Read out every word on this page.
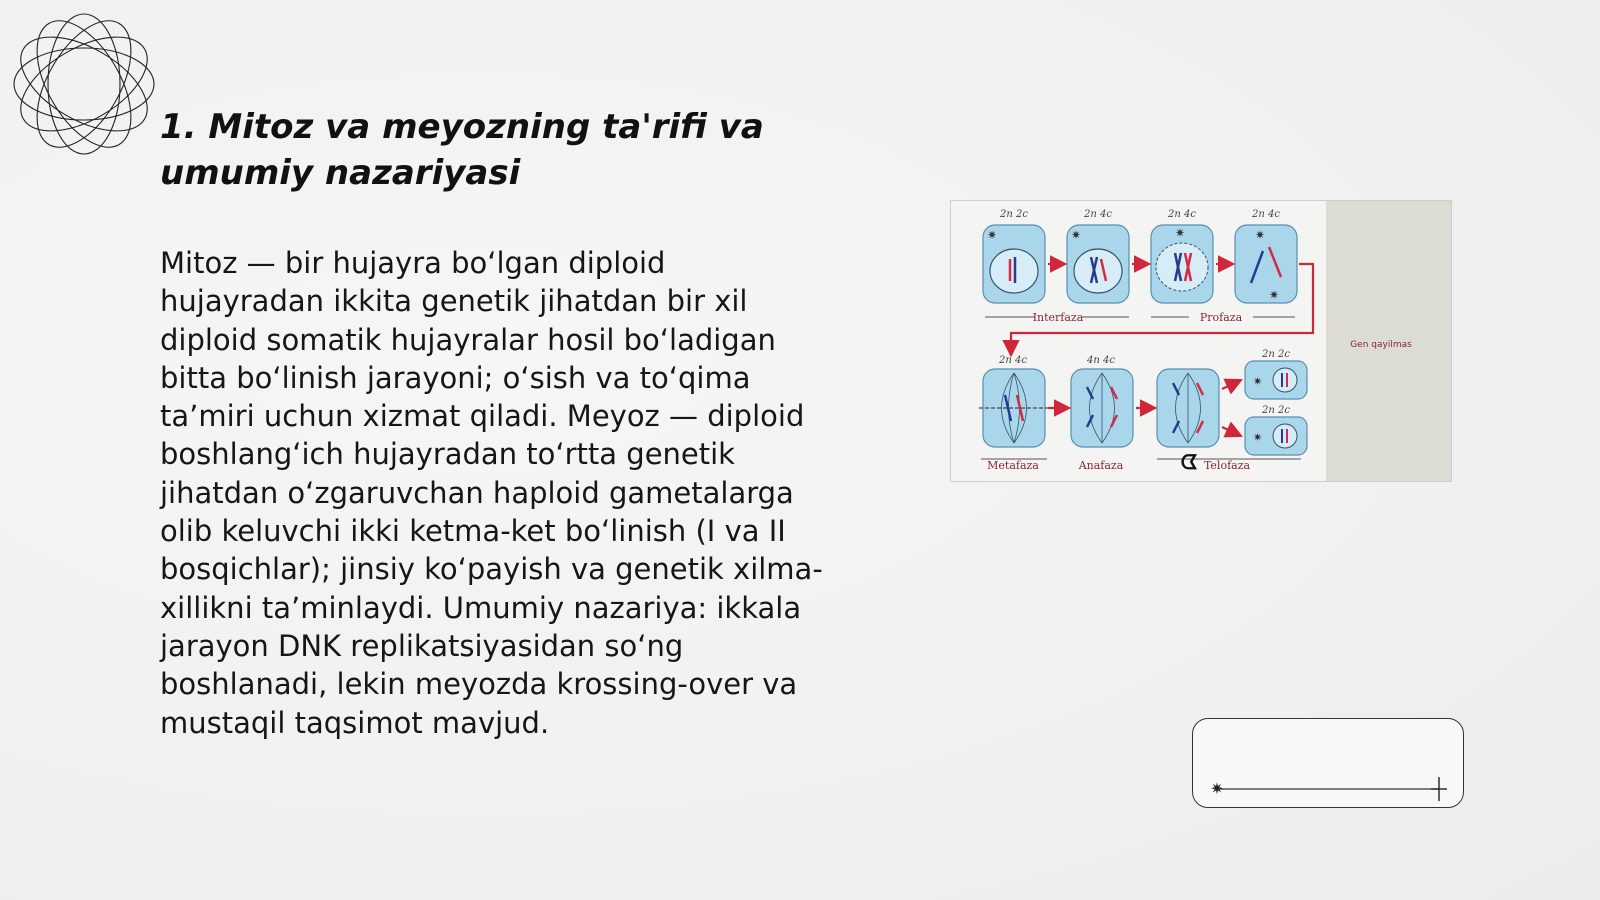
1. Mitoz va meyozning ta'rifi va umumiy nazariyasi
Mitoz — bir hujayra bo‘lgan diploid hujayradan ikkita genetik jihatdan bir xil diploid somatik hujayralar hosil bo‘ladigan bitta bo‘linish jarayoni; o‘sish va to‘qima ta’miri uchun xizmat qiladi. Meyoz — diploid boshlang‘ich hujayradan to‘rtta genetik jihatdan o‘zgaruvchan haploid gametalarga olib keluvchi ikki ketma-ket bo‘linish (I va II bosqichlar); jinsiy ko‘payish va genetik xilma-xillikni ta’minlaydi. Umumiy nazariya: ikkala jarayon DNK replikatsiyasidan so‘ng boshlanadi, lekin meyozda krossing-over va mustaqil taqsimot mavjud.
✷	✷	✷	✷
✷
2n 2c	2n 4c	2n 4c	2n 4c
Interfaza	Profaza
2n 4c	4n 4c
2n 2c
✷
2n 2c
✷
Metafaza	Anafaza	Telofaza
ᗧ
Gen qayilmas
✷
